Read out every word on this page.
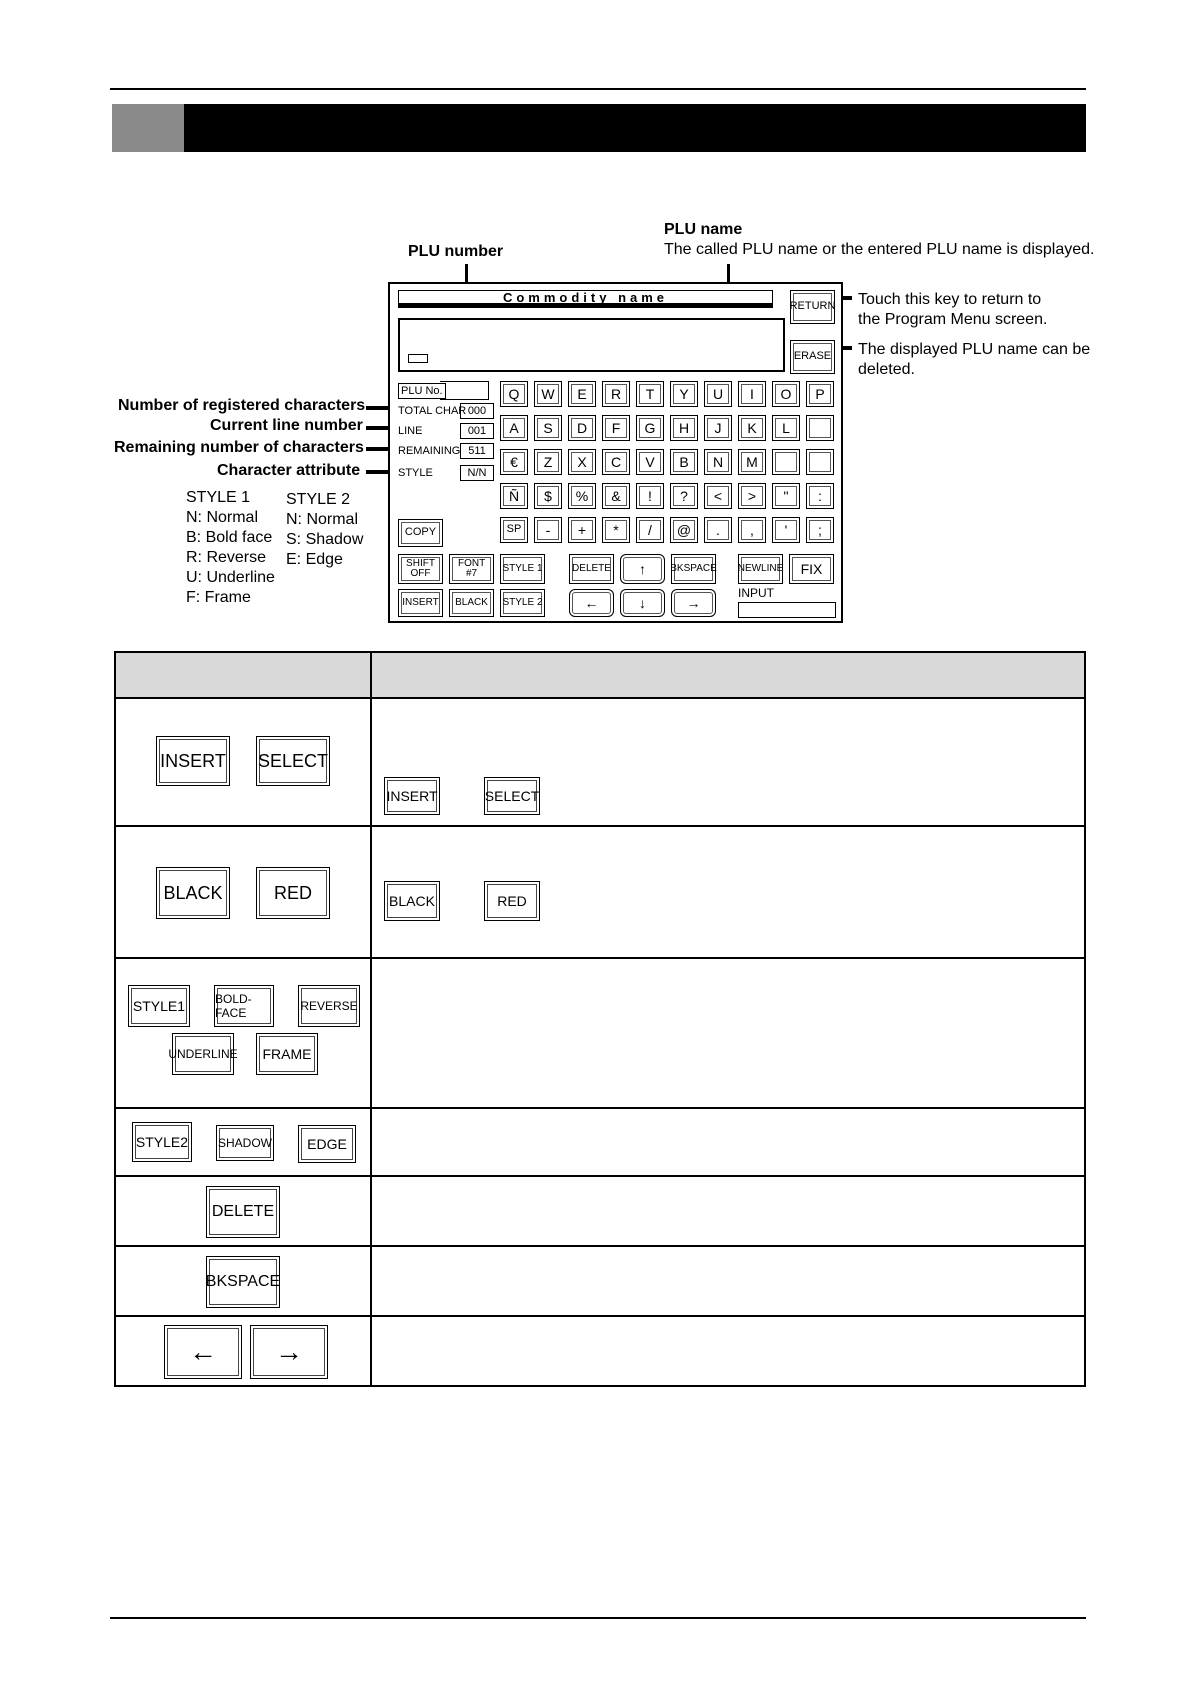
PLU number
PLU name
The called PLU name or the entered PLU name is displayed.
Touch this key to return to
the Program Menu screen.
The displayed PLU name can be
deleted.
Number of registered characters
Current line number
Remaining number of characters
Character attribute
STYLE 1
N: Normal
B: Bold face
R: Reverse
U: Underline
F: Frame
STYLE 2
N: Normal
S: Shadow
E: Edge
Commodity name
RETURN
ERASE
PLU No.
TOTAL CHAR 000
LINE	001
REMAINING 511
STYLE	N/N
Q	W	E	R	T	Y	U	I	O	P
A	S	D	F	G	H	J	K	L
€	Z	X	C	V	B	N	M
Ñ	$	%	&	!	?	<	>	"	:
SP	-	+	*	/	@	.	,	'	;
COPY
SHIFT OFF
FONT #7	STYLE 1	DELETE	↑	BKSPACE NEWLINE	FIX
INSERT	BLACK	STYLE 2	←	↓	→
INPUT

INSERT SELECT	INSERT SELECT

BLACK RED	BLACK RED

STYLE1 BOLD-FACE REVERSE
UNDERLINE FRAME	

STYLE2 SHADOW EDGE	

DELETE	

BKSPACE	

← →	
